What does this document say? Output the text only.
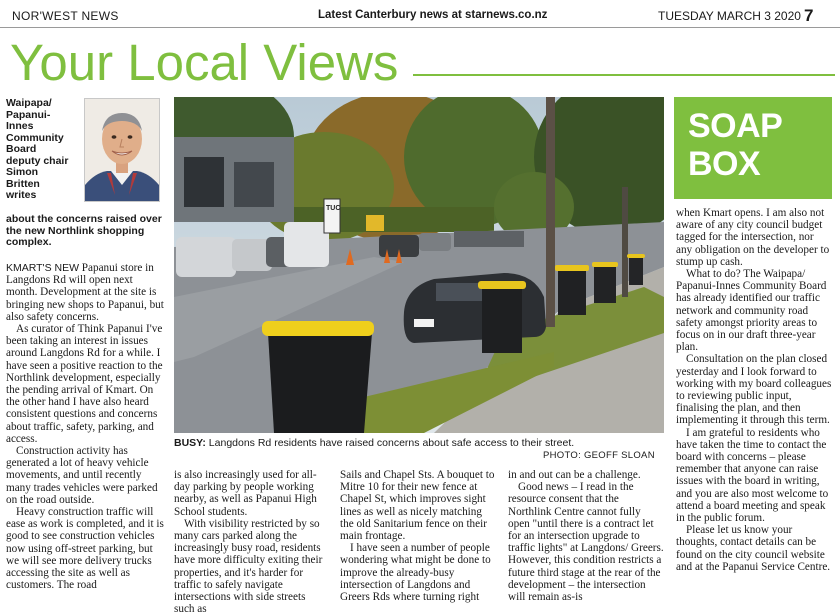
NOR'WEST NEWS	Latest Canterbury news at starnews.co.nz	TUESDAY MARCH 3 2020 7
Your Local Views
Waipapa/ Papanui-Innes Community Board deputy chair Simon Britten writes
about the concerns raised over the new Northlink shopping complex.
TUC
BUSY: Langdons Rd residents have raised concerns about safe access to their street.
PHOTO: GEOFF SLOAN
SOAP
BOX

KMART'S NEW Papanui store in Langdons Rd will open next month. Development at the site is bringing new shops to Papanui, but also safety concerns.

As curator of Think Papanui I've been taking an interest in issues around Langdons Rd for a while. I have seen a positive reaction to the Northlink development, especially the pending arrival of Kmart. On the other hand I have also heard consistent questions and concerns about traffic, safety, parking, and access.

Construction activity has generated a lot of heavy vehicle movements, and until recently many trades vehicles were parked on the road outside.

Heavy construction traffic will ease as work is completed, and it is good to see construction vehicles now using off-street parking, but we will see more delivery trucks accessing the site as well as customers. The road

is also increasingly used for all-day parking by people working nearby, as well as Papanui High School students.

With visibility restricted by so many cars parked along the increasingly busy road, residents have more difficulty exiting their properties, and it's harder for traffic to safely navigate intersections with side streets such as

Sails and Chapel Sts. A bouquet to Mitre 10 for their new fence at Chapel St, which improves sight lines as well as nicely matching the old Sanitarium fence on their main frontage.

I have seen a number of people wondering what might be done to improve the already-busy intersection of Langdons and Greers Rds where turning right

in and out can be a challenge.

Good news – I read in the resource consent that the Northlink Centre cannot fully open "until there is a contract let for an intersection upgrade to traffic lights" at Langdons/ Greers. However, this condition restricts a future third stage at the rear of the development – the intersection will remain as-is

when Kmart opens. I am also not aware of any city council budget tagged for the intersection, nor any obligation on the developer to stump up cash.

What to do? The Waipapa/ Papanui-Innes Community Board has already identified our traffic network and community road safety amongst priority areas to focus on in our draft three-year plan.

Consultation on the plan closed yesterday and I look forward to working with my board colleagues to reviewing public input, finalising the plan, and then implementing it through this term.

I am grateful to residents who have taken the time to contact the board with concerns – please remember that anyone can raise issues with the board in writing, and you are also most welcome to attend a board meeting and speak in the public forum.

Please let us know your thoughts, contact details can be found on the city council website and at the Papanui Service Centre.
